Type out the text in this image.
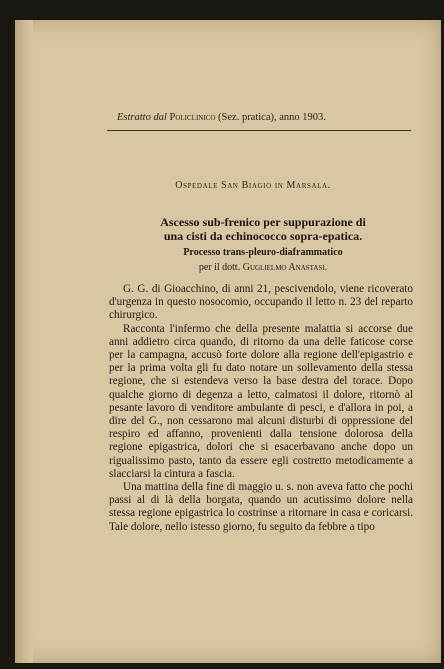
Estratto dal Policlinico (Sez. pratica), anno 1903.
Ospedale San Biagio in Marsala.
Ascesso sub-frenico per suppurazione di
una cisti da echinococco sopra-epatica.
Processo trans-pleuro-diaframmatico
per il dott. Guglielmo Anastasi.

G. G. di Gioacchino, di anni 21, pescivendolo, viene ricoverato d'urgenza in questo nosocomio, occupando il letto n. 23 del reparto chirurgico.

Racconta l'infermo che della presente malattia si accorse due anni addietro circa quando, di ritorno da una delle faticose corse per la campagna, accusò forte dolore alla regione dell'epigastrio e per la prima volta gli fu dato notare un sollevamento della stessa regione, che si estendeva verso la base destra del torace. Dopo qualche giorno di degenza a letto, calmatosi il dolore, ritornò al pesante lavoro di venditore ambulante di pesci, e d'allora in poi, a dire del G., non cessarono mai alcuni disturbi di oppressione del respiro ed affanno, provenienti dalla tensione dolorosa della regione epigastrica, dolori che si esacerbavano anche dopo un rigualissimo pasto, tanto da essere egli costretto metodicamente a slacciarsi la cintura a fascia.

Una mattina della fine di maggio u. s. non aveva fatto che pochi passi al di là della borgata, quando un acutissimo dolore nella stessa regione epigastrica lo costrinse a ritornare in casa e coricarsi. Tale dolore, nello istesso giorno, fu seguito da febbre a tipo
